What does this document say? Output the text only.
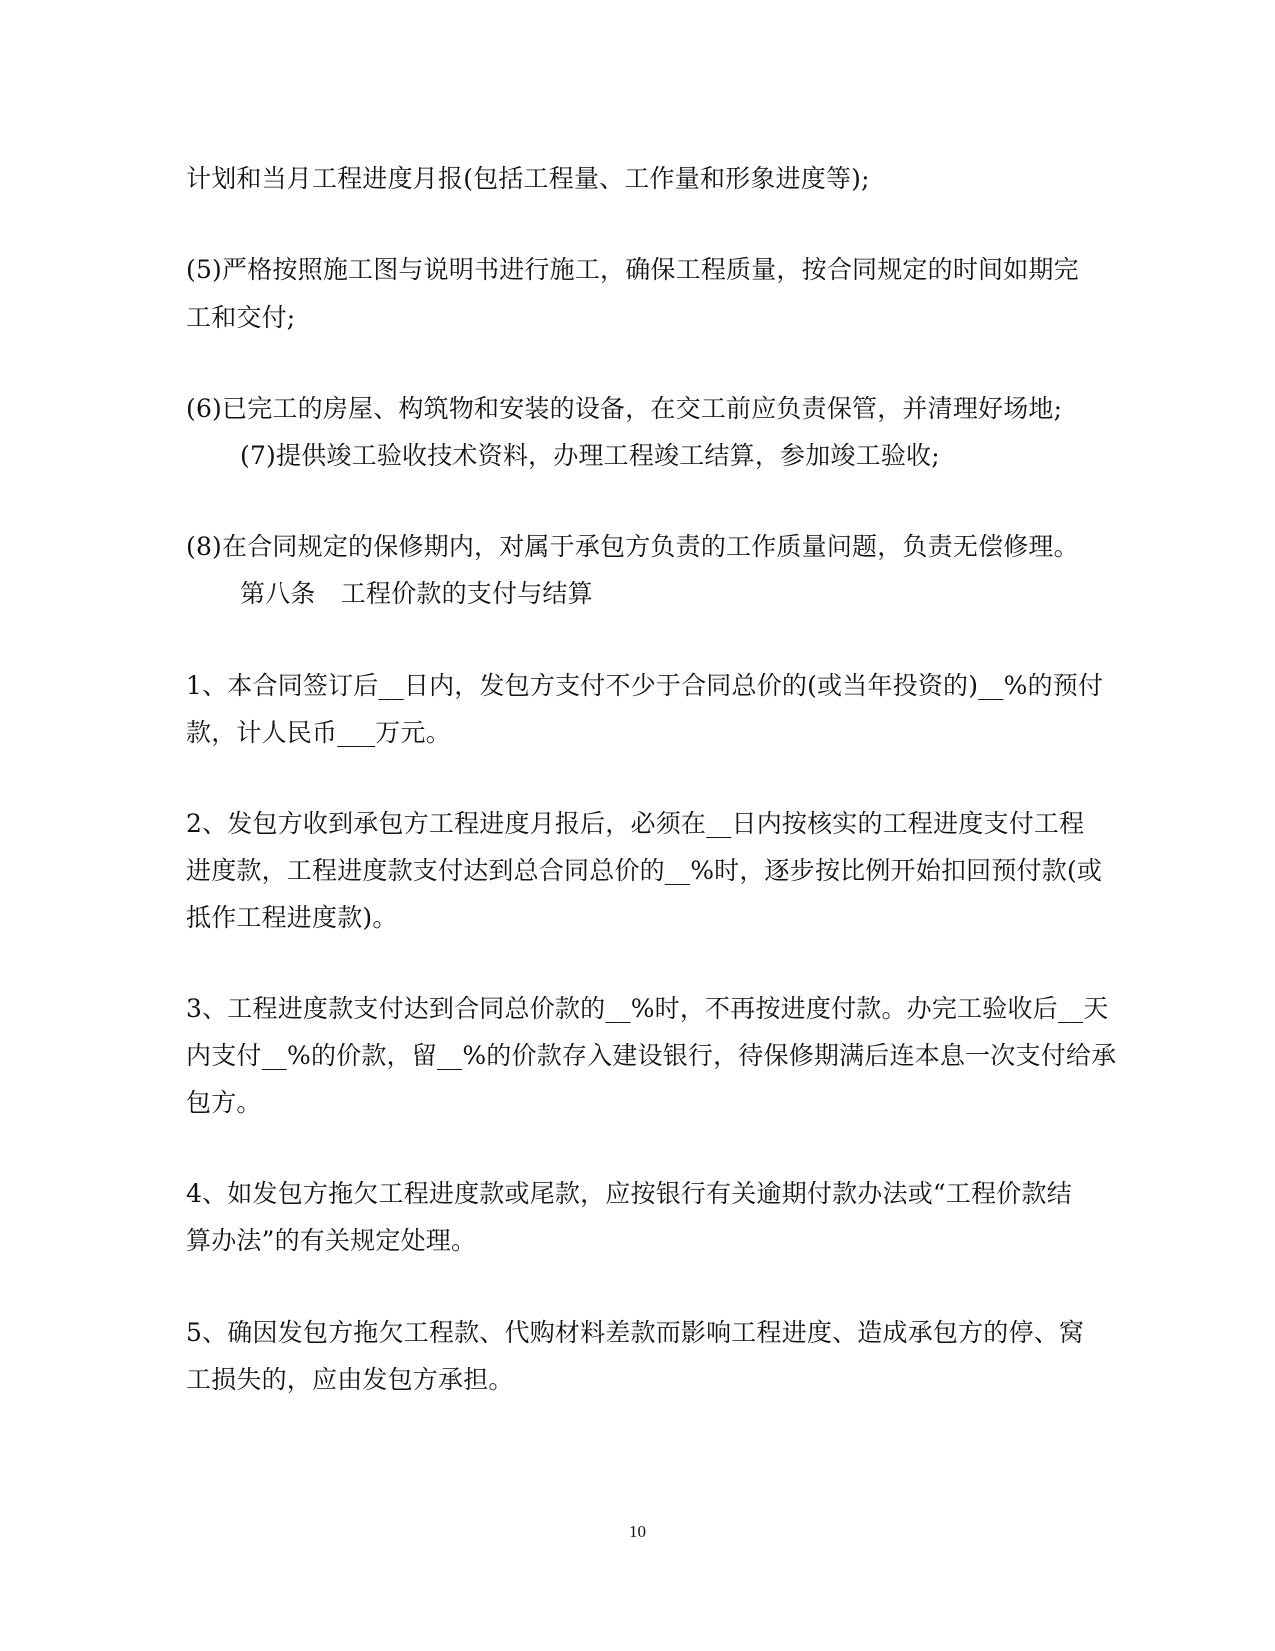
计划和当月工程进度月报(包括工程量、工作量和形象进度等);
(5)严格按照施工图与说明书进行施工，确保工程质量，按合同规定的时间如期完
工和交付;
(6)已完工的房屋、构筑物和安装的设备，在交工前应负责保管，并清理好场地;
(7)提供竣工验收技术资料，办理工程竣工结算，参加竣工验收;
(8)在合同规定的保修期内，对属于承包方负责的工作质量问题，负责无偿修理。
第八条　工程价款的支付与结算
1、本合同签订后__日内，发包方支付不少于合同总价的(或当年投资的)__%的预付
款，计人民币___万元。
2、发包方收到承包方工程进度月报后，必须在__日内按核实的工程进度支付工程
进度款，工程进度款支付达到总合同总价的__%时，逐步按比例开始扣回预付款(或
抵作工程进度款)。
3、工程进度款支付达到合同总价款的__%时，不再按进度付款。办完工验收后__天
内支付__%的价款，留__%的价款存入建设银行，待保修期满后连本息一次支付给承
包方。
4、如发包方拖欠工程进度款或尾款，应按银行有关逾期付款办法或“工程价款结
算办法”的有关规定处理。
5、确因发包方拖欠工程款、代购材料差款而影响工程进度、造成承包方的停、窝
工损失的，应由发包方承担。
10
